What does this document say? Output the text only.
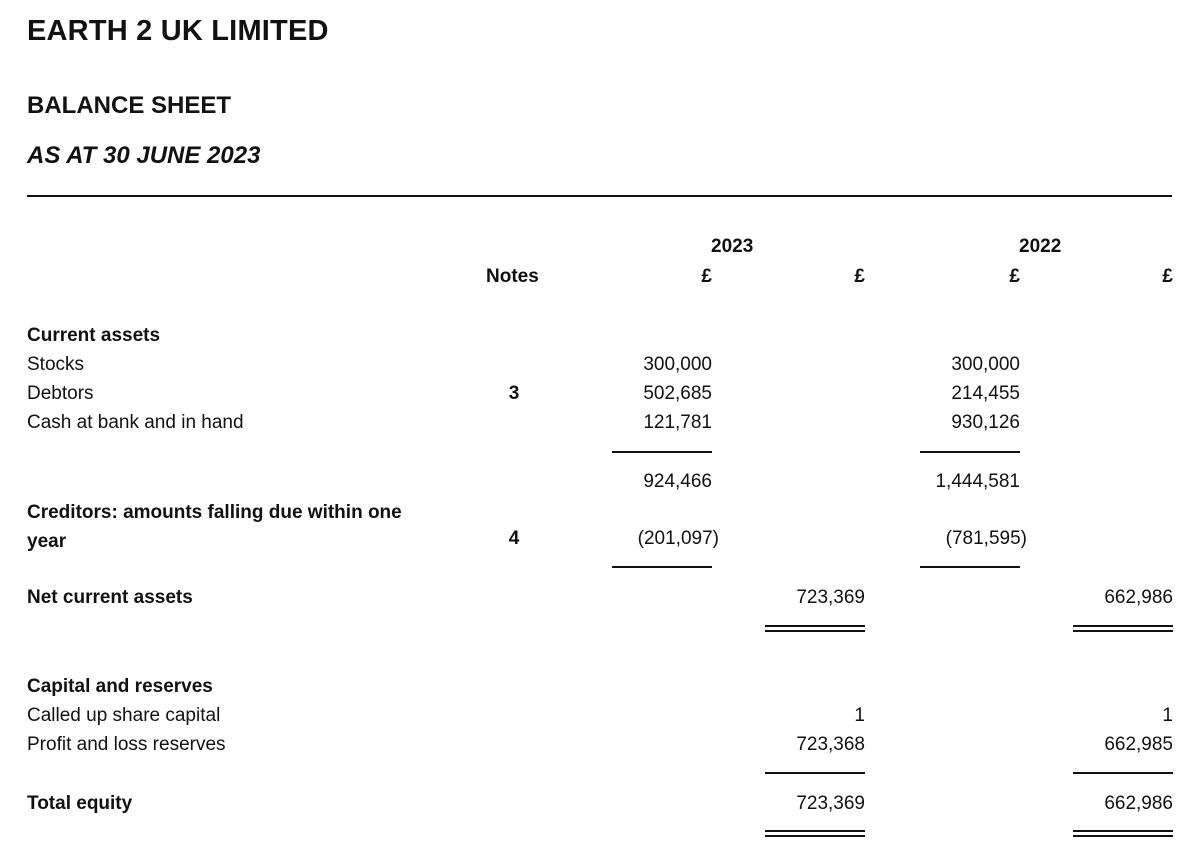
EARTH 2 UK LIMITED
BALANCE SHEET
AS AT 30 JUNE 2023
2023	2022
Notes	£	£	£	£
Current assets
Stocks	300,000	300,000
Debtors	3	502,685	214,455
Cash at bank and in hand	121,781	930,126
924,466	1,444,581
Creditors: amounts falling due within one
year	4	(201,097)	(781,595)
Net current assets	723,369	662,986
Capital and reserves
Called up share capital	1	1
Profit and loss reserves	723,368	662,985
Total equity	723,369	662,986
